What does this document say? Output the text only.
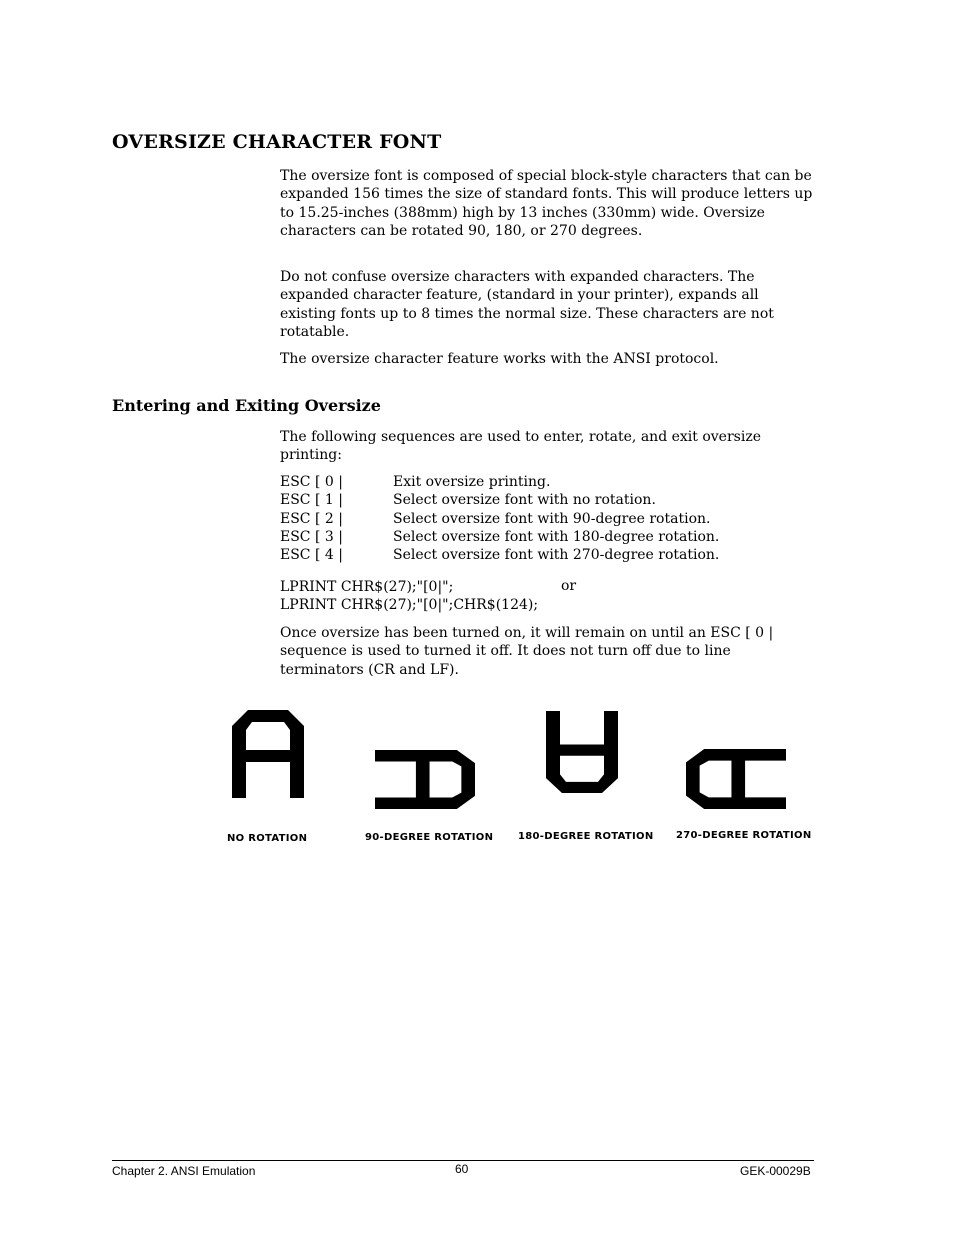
OVERSIZE CHARACTER FONT

The oversize font is composed of special block-style characters that can be expanded 156 times the size of standard fonts. This will produce letters up to 15.25-inches (388mm) high by 13 inches (330mm) wide. Oversize characters can be rotated 90, 180, or 270 degrees.

Do not confuse oversize characters with expanded characters. The expanded character feature, (standard in your printer), expands all existing fonts up to 8 times the normal size. These characters are not rotatable.

The oversize character feature works with the ANSI protocol.

Entering and Exiting Oversize

The following sequences are used to enter, rotate, and exit oversize printing:

ESC [ 0 |	Exit oversize printing.
ESC [ 1 |	Select oversize font with no rotation.
ESC [ 2 |	Select oversize font with 90-degree rotation.
ESC [ 3 |	Select oversize font with 180-degree rotation.
ESC [ 4 |	Select oversize font with 270-degree rotation.
LPRINT CHR$(27);"[0|";	or
LPRINT CHR$(27);"[0|";CHR$(124);

Once oversize has been turned on, it will remain on until an ESC [ 0 | sequence is used to turned it off. It does not turn off due to line terminators (CR and LF).

NO ROTATION	90-DEGREE ROTATION 180-DEGREE ROTATION 270-DEGREE ROTATION
Chapter 2. ANSI Emulation	60	GEK-00029B
